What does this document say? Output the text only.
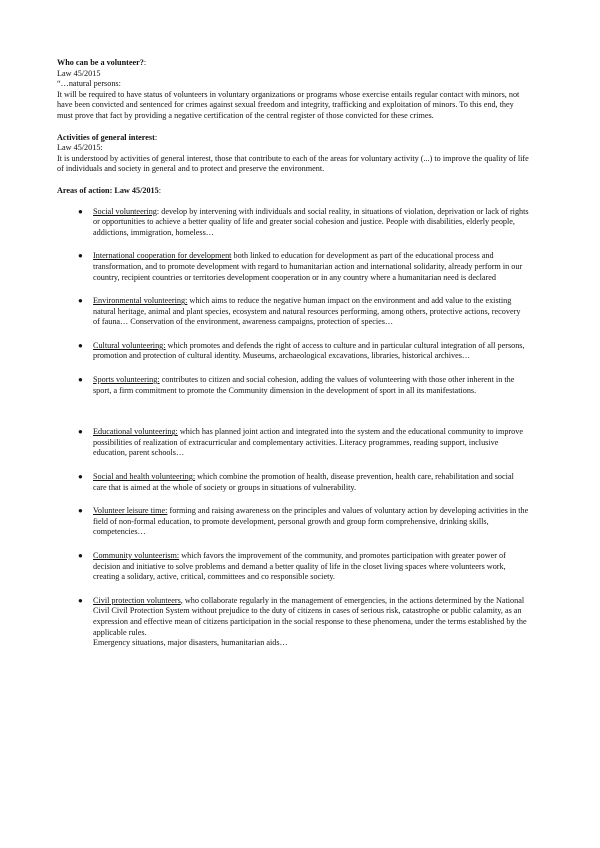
Who can be a volunteer?:
Law 45/2015
“…natural persons:
It will be required to have status of volunteers in voluntary organizations or programs whose exercise entails regular contact with minors, not have been convicted and sentenced for crimes against sexual freedom and integrity, trafficking and exploitation of minors. To this end, they must prove that fact by providing a negative certification of the central register of those convicted for these crimes.
Activities of general interest:
Law 45/2015:
It is understood by activities of general interest, those that contribute to each of the areas for voluntary activity (...) to improve the quality of life of individuals and society in general and to protect and preserve the environment.
Areas of action: Law 45/2015:
● Social volunteering: develop by intervening with individuals and social reality, in situations of violation, deprivation or lack of rights or opportunities to achieve a better quality of life and greater social cohesion and justice. People with disabilities, elderly people, addictions, immigration, homeless…
● International cooperation for development both linked to education for development as part of the educational process and transformation, and to promote development with regard to humanitarian action and international solidarity, already perform in our country, recipient countries or territories development cooperation or in any country where a humanitarian need is declared
● Environmental volunteering: which aims to reduce the negative human impact on the environment and add value to the existing natural heritage, animal and plant species, ecosystem and natural resources performing, among others, protective actions, recovery of fauna… Conservation of the environment, awareness campaigns, protection of species…
● Cultural volunteering: which promotes and defends the right of access to culture and in particular cultural integration of all persons, promotion and protection of cultural identity. Museums, archaeological excavations, libraries, historical archives…
● Sports volunteering: contributes to citizen and social cohesion, adding the values of volunteering with those other inherent in the sport, a firm commitment to promote the Community dimension in the development of sport in all its manifestations.
● Educational volunteering: which has planned joint action and integrated into the system and the educational community to improve possibilities of realization of extracurricular and complementary activities. Literacy programmes, reading support, inclusive education, parent schools…
● Social and health volunteering: which combine the promotion of health, disease prevention, health care, rehabilitation and social care that is aimed at the whole of society or groups in situations of vulnerability.
● Volunteer leisure time: forming and raising awareness on the principles and values of voluntary action by developing activities in the field of non-formal education, to promote development, personal growth and group form comprehensive, drinking skills, competencies…
● Community volunteerism: which favors the improvement of the community, and promotes participation with greater power of decision and initiative to solve problems and demand a better quality of life in the closet living spaces where volunteers work, creating a solidary, active, critical, committees and co responsible society.
● Civil protection volunteers, who collaborate regularly in the management of emergencies, in the actions determined by the National Civil Civil Protection System without prejudice to the duty of citizens in cases of serious risk, catastrophe or public calamity, as an expression and effective mean of citizens participation in the social response to these phenomena, under the terms established by the applicable rules.
Emergency situations, major disasters, humanitarian aids…
